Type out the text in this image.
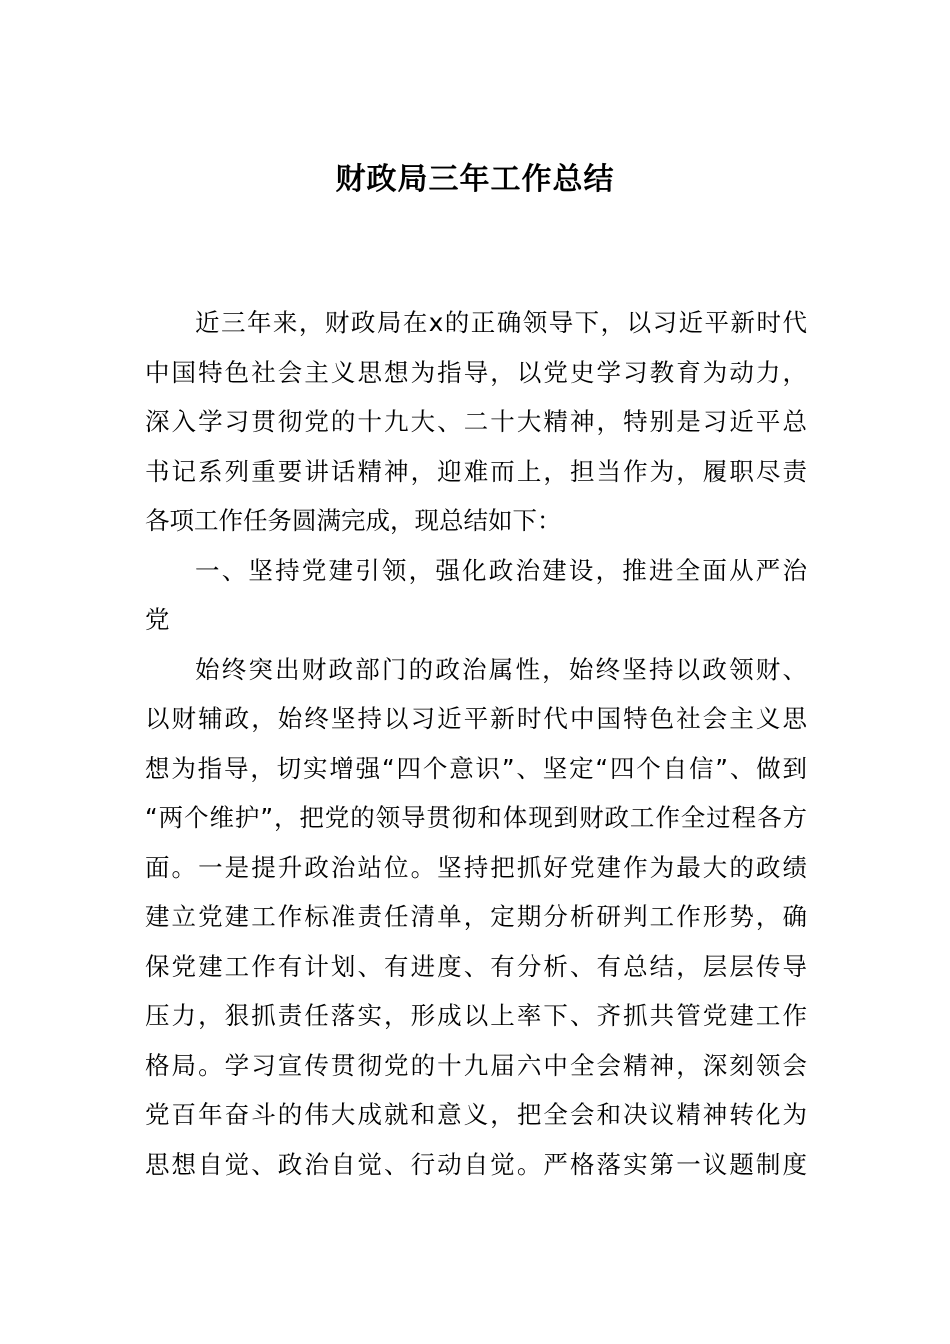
财政局三年工作总结
近三年来，财政局在x的正确领导下，以习近平新时代
中国特色社会主义思想为指导，以党史学习教育为动力，
深入学习贯彻党的十九大、二十大精神，特别是习近平总
书记系列重要讲话精神，迎难而上，担当作为，履职尽责
各项工作任务圆满完成，现总结如下：
一、坚持党建引领，强化政治建设，推进全面从严治
党
始终突出财政部门的政治属性，始终坚持以政领财、
以财辅政，始终坚持以习近平新时代中国特色社会主义思
想为指导，切实增强“四个意识”、坚定“四个自信”、做到
“两个维护”，把党的领导贯彻和体现到财政工作全过程各方
面。一是提升政治站位。坚持把抓好党建作为最大的政绩
建立党建工作标准责任清单，定期分析研判工作形势，确
保党建工作有计划、有进度、有分析、有总结，层层传导
压力，狠抓责任落实，形成以上率下、齐抓共管党建工作
格局。学习宣传贯彻党的十九届六中全会精神，深刻领会
党百年奋斗的伟大成就和意义，把全会和决议精神转化为
思想自觉、政治自觉、行动自觉。严格落实第一议题制度
